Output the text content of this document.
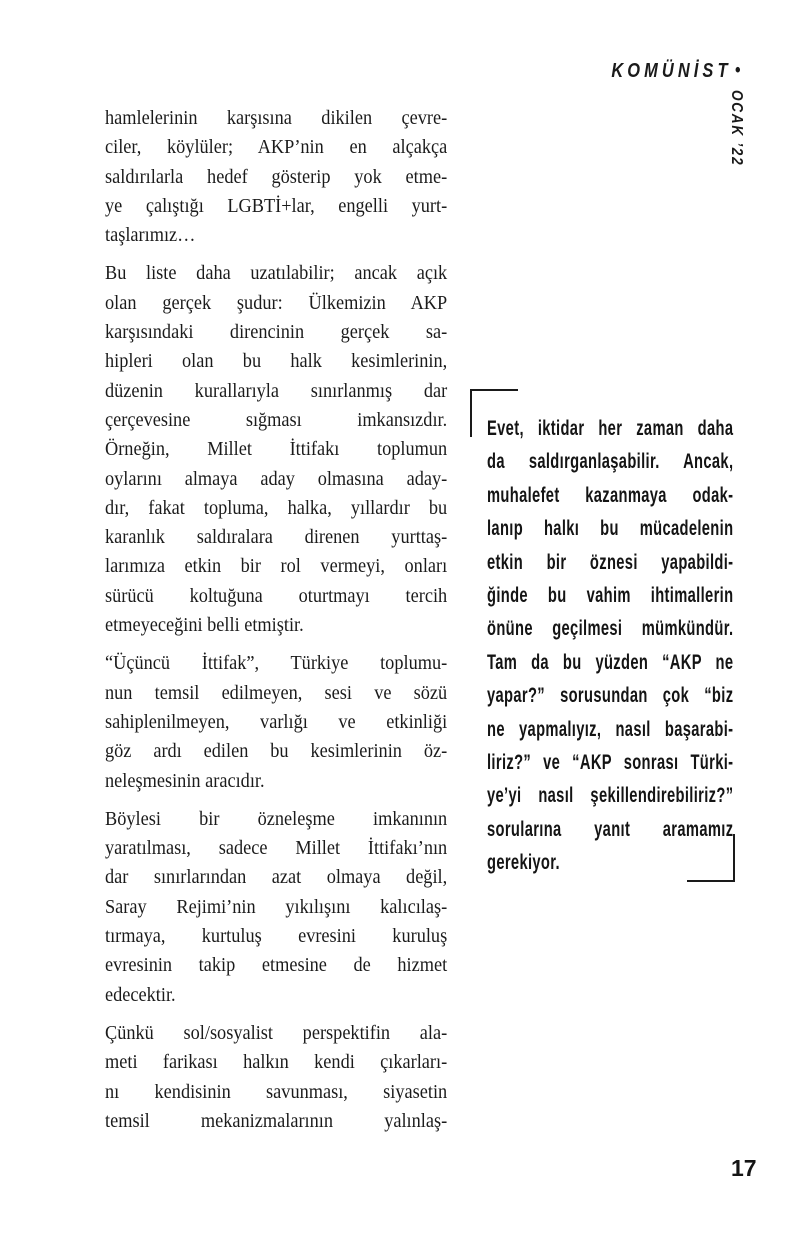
KOMÜNİST •
OCAK ’22
hamlelerinin karşısına dikilen çevre-
ciler, köylüler; AKP’nin en alçakça
saldırılarla hedef gösterip yok etme-
ye çalıştığı LGBTİ+lar, engelli yurt-
taşlarımız…
Bu liste daha uzatılabilir; ancak açık
olan gerçek şudur: Ülkemizin AKP
karşısındaki direncinin gerçek sa-
hipleri olan bu halk kesimlerinin,
düzenin kurallarıyla sınırlanmış dar
çerçevesine sığması imkansızdır.
Örneğin, Millet İttifakı toplumun
oylarını almaya aday olmasına aday-
dır, fakat topluma, halka, yıllardır bu
karanlık saldıralara direnen yurttaş-
larımıza etkin bir rol vermeyi, onları
sürücü koltuğuna oturtmayı tercih
etmeyeceğini belli etmiştir.
“Üçüncü İttifak”, Türkiye toplumu-
nun temsil edilmeyen, sesi ve sözü
sahiplenilmeyen, varlığı ve etkinliği
göz ardı edilen bu kesimlerinin öz-
neleşmesinin aracıdır.
Böylesi bir özneleşme imkanının
yaratılması, sadece Millet İttifakı’nın
dar sınırlarından azat olmaya değil,
Saray Rejimi’nin yıkılışını kalıcılaş-
tırmaya, kurtuluş evresini kuruluş
evresinin takip etmesine de hizmet
edecektir.
Çünkü sol/sosyalist perspektifin ala-
meti farikası halkın kendi çıkarları-
nı kendisinin savunması, siyasetin
temsil mekanizmalarının yalınlaş-
Evet, iktidar her zaman daha
da saldırganlaşabilir. Ancak,
muhalefet kazanmaya odak-
lanıp halkı bu mücadelenin
etkin bir öznesi yapabildi-
ğinde bu vahim ihtimallerin
önüne geçilmesi mümkündür.
Tam da bu yüzden “AKP ne
yapar?” sorusundan çok “biz
ne yapmalıyız, nasıl başarabi-
liriz?” ve “AKP sonrası Türki-
ye’yi nasıl şekillendirebiliriz?”
sorularına yanıt aramamız
gerekiyor.
17
